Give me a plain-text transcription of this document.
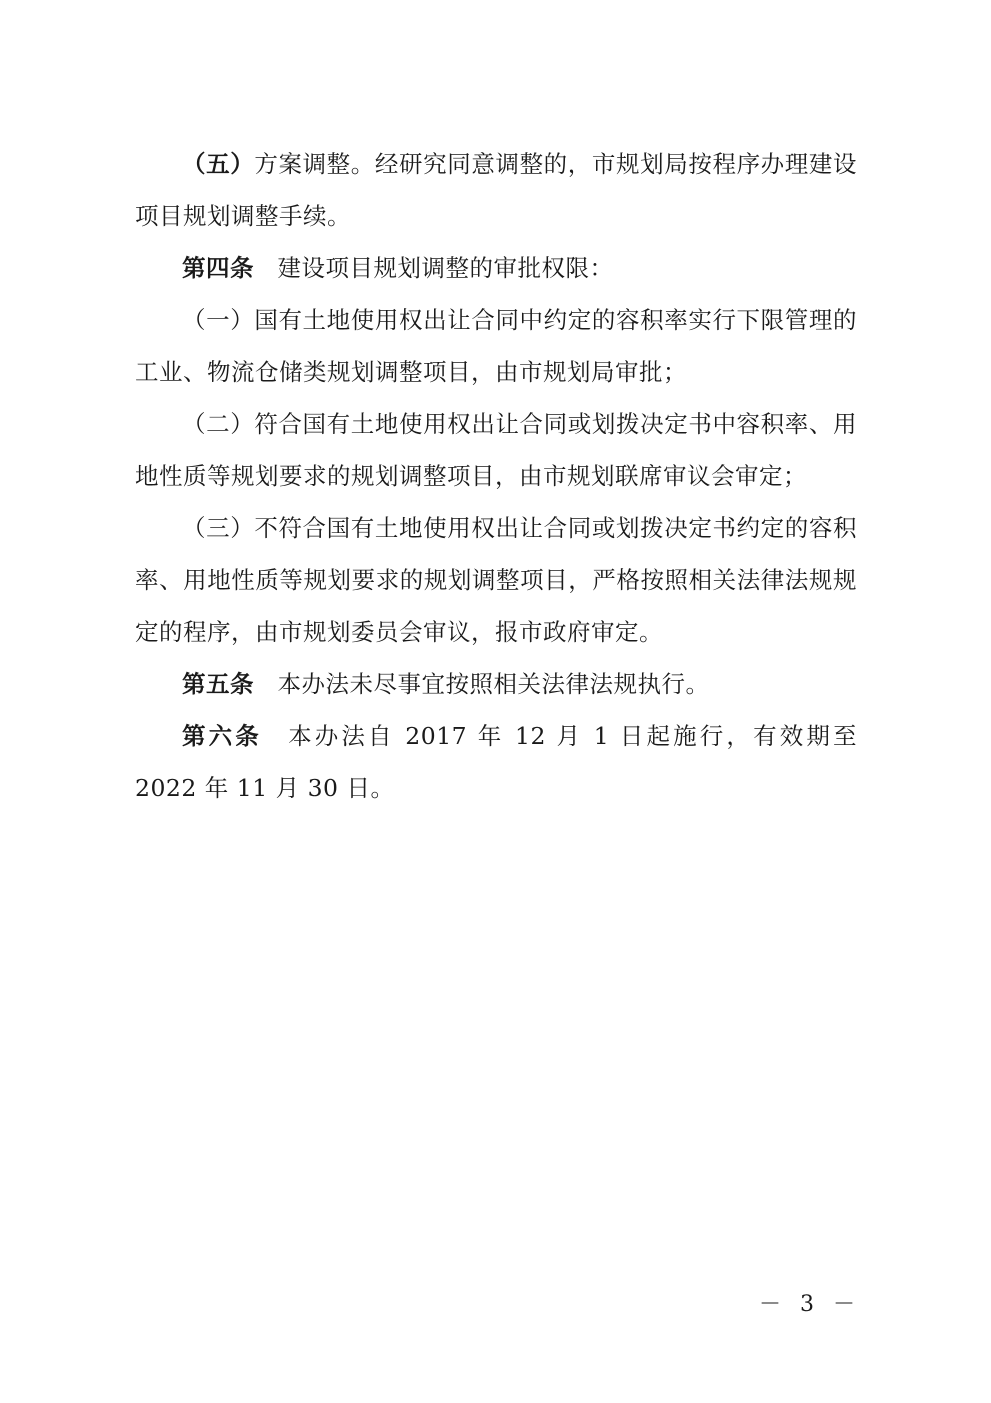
（五）方案调整。经研究同意调整的，市规划局按程序办理建设项目规划调整手续。

第四条 建设项目规划调整的审批权限：

（一）国有土地使用权出让合同中约定的容积率实行下限管理的工业、物流仓储类规划调整项目，由市规划局审批；

（二）符合国有土地使用权出让合同或划拨决定书中容积率、用地性质等规划要求的规划调整项目，由市规划联席审议会审定；

（三）不符合国有土地使用权出让合同或划拨决定书约定的容积率、用地性质等规划要求的规划调整项目，严格按照相关法律法规规定的程序，由市规划委员会审议，报市政府审定。

第五条 本办法未尽事宜按照相关法律法规执行。

第六条 本办法自 2017 年 12 月 1 日起施行，有效期至 2022 年 11 月 30 日。

－ 3 －
